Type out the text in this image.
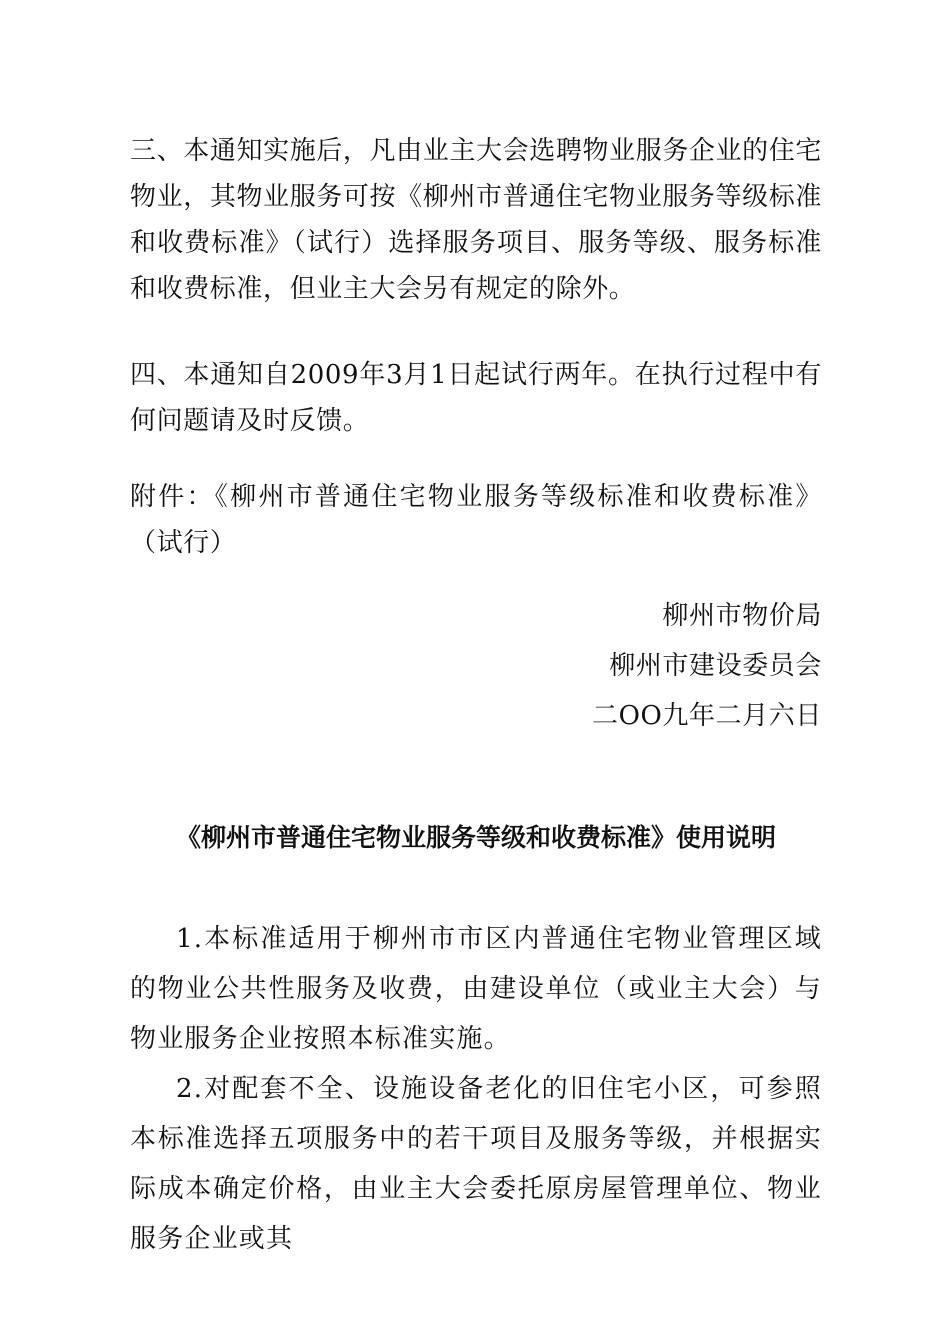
三、本通知实施后，凡由业主大会选聘物业服务企业的住宅物业，其物业服务可按《柳州市普通住宅物业服务等级标准和收费标准》（试行）选择服务项目、服务等级、服务标准和收费标准，但业主大会另有规定的除外。

四、本通知自2009年3月1日起试行两年。在执行过程中有何问题请及时反馈。

附件：《柳州市普通住宅物业服务等级标准和收费标准》（试行）

柳州市物价局

柳州市建设委员会

二OO九年二月六日

《柳州市普通住宅物业服务等级和收费标准》使用说明

1.本标准适用于柳州市市区内普通住宅物业管理区域的物业公共性服务及收费，由建设单位（或业主大会）与物业服务企业按照本标准实施。

2.对配套不全、设施设备老化的旧住宅小区，可参照本标准选择五项服务中的若干项目及服务等级，并根据实际成本确定价格，由业主大会委托原房屋管理单位、物业服务企业或其
